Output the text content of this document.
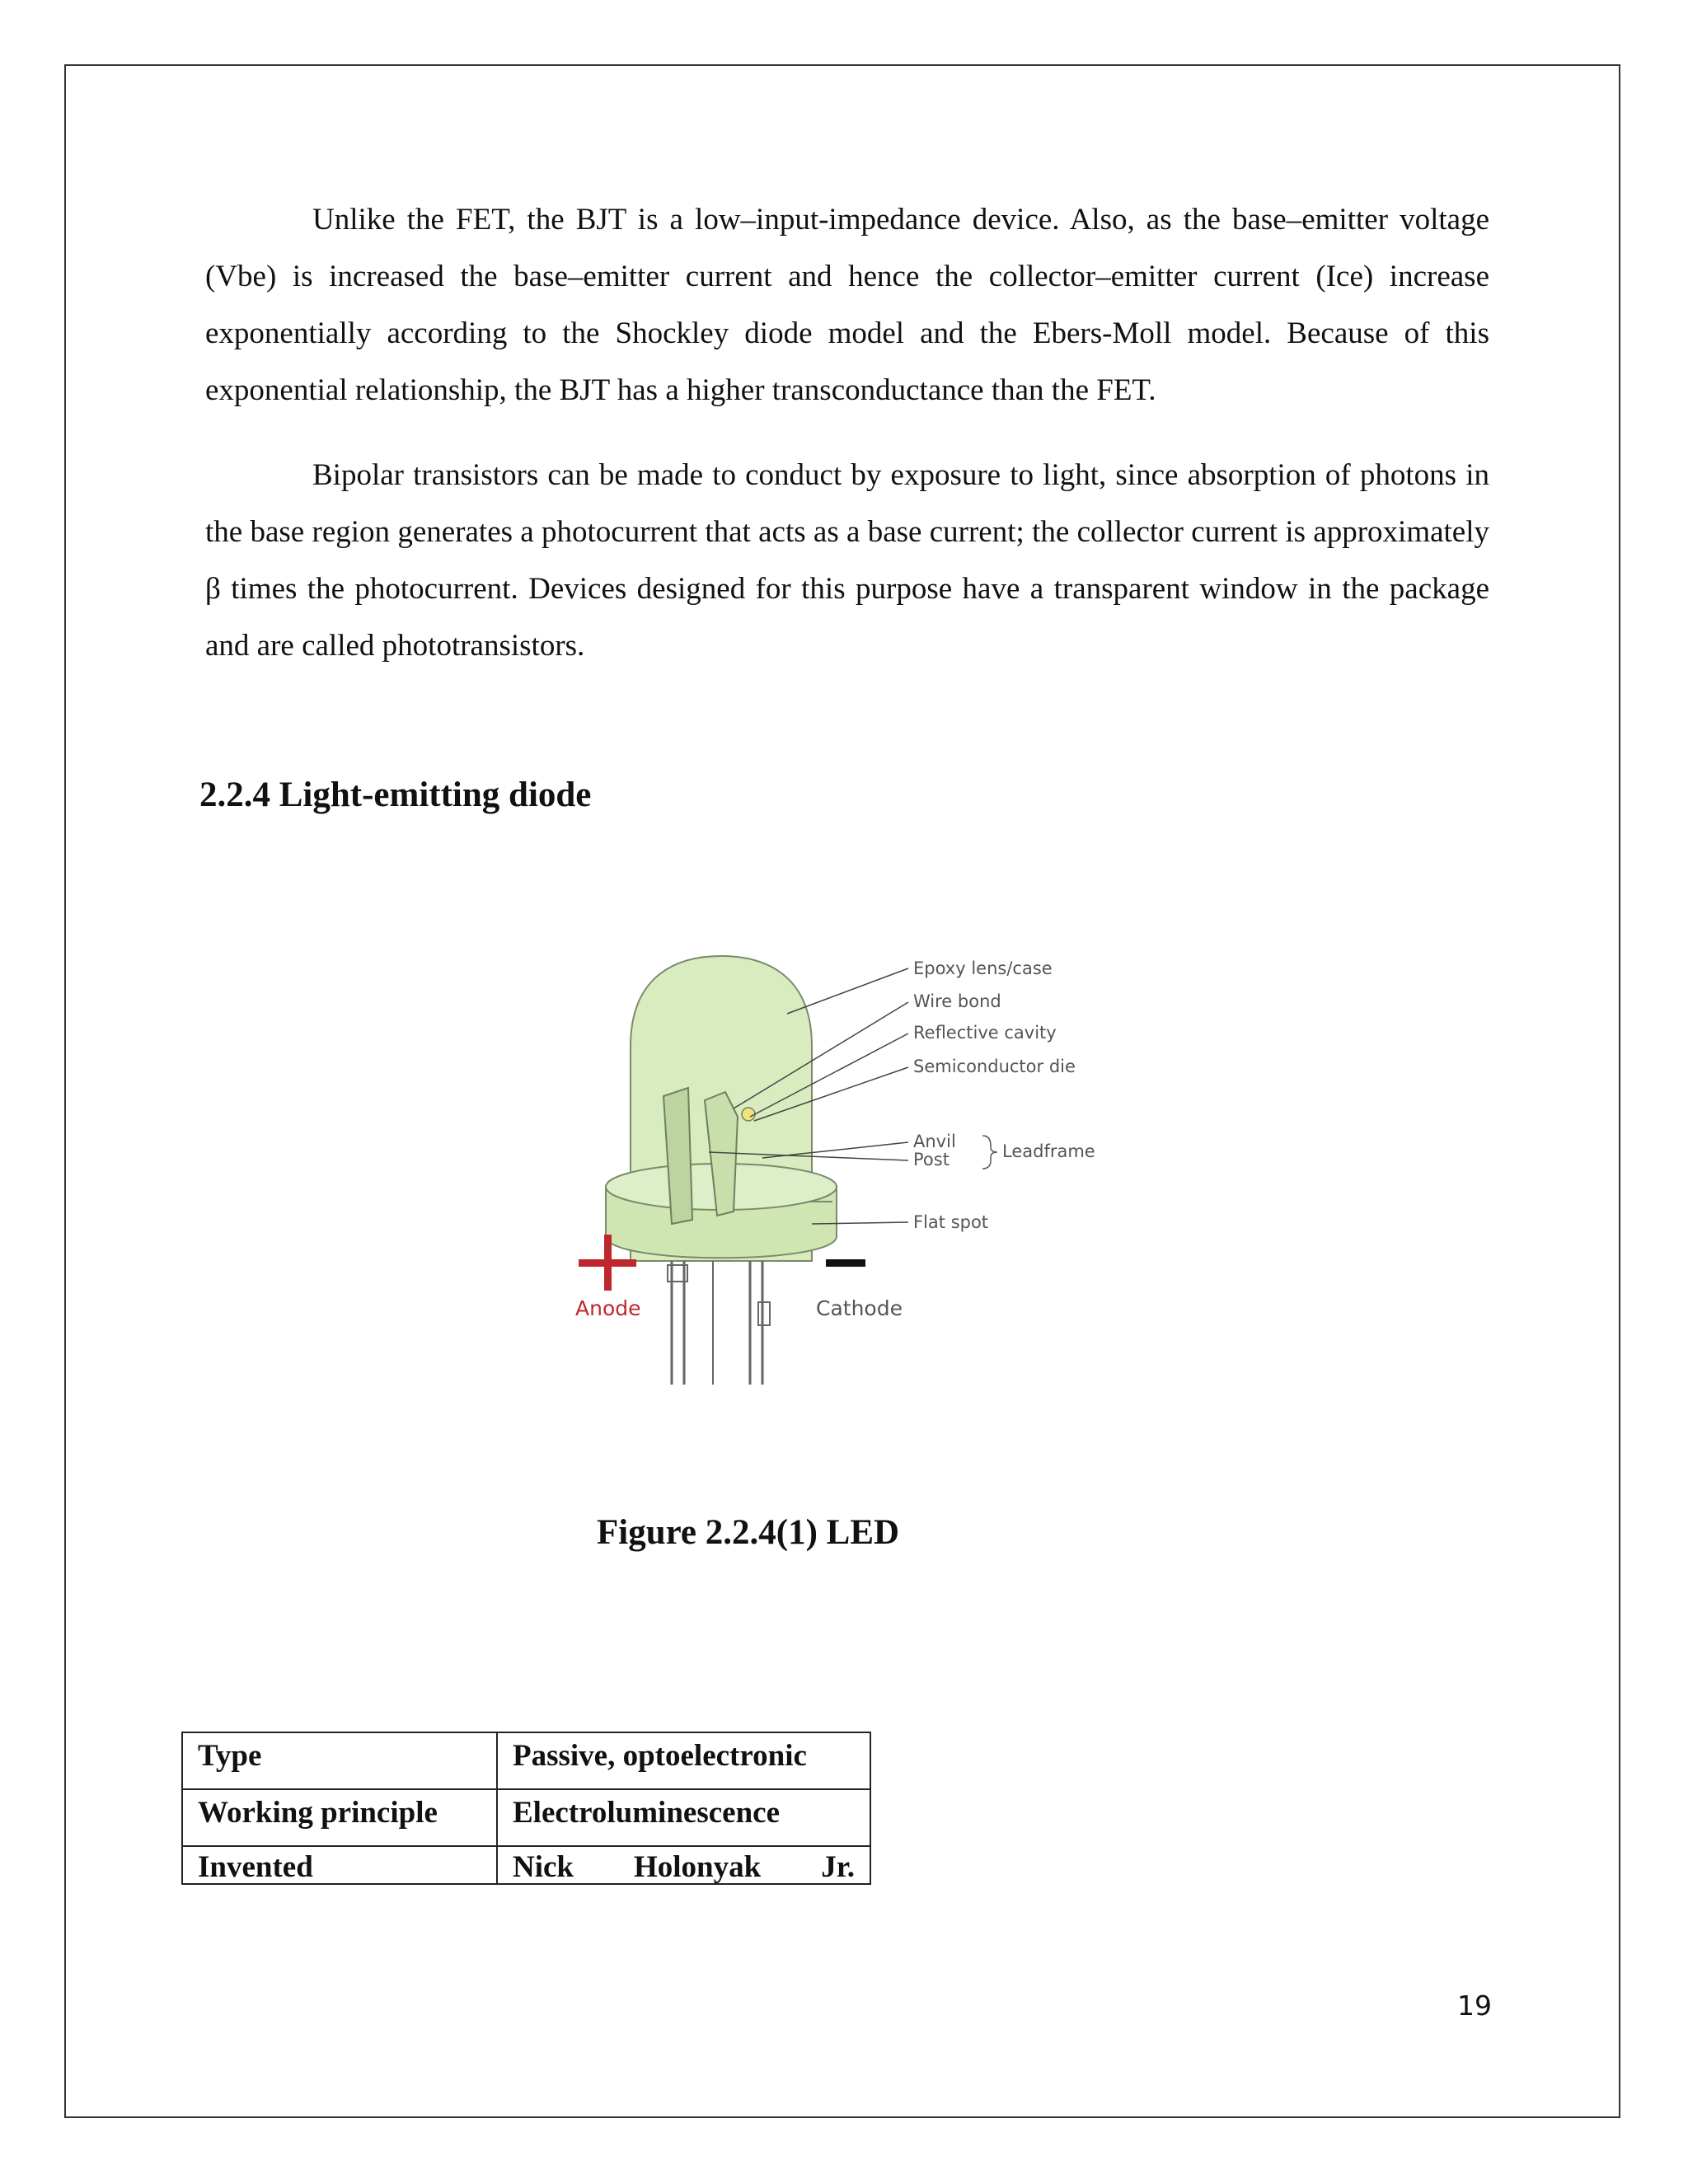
Unlike the FET, the BJT is a low–input-impedance device. Also, as the base–emitter voltage (Vbe) is increased the base–emitter current and hence the collector–emitter current (Ice) increase exponentially according to the Shockley diode model and the Ebers-Moll model. Because of this exponential relationship, the BJT has a higher transconductance than the FET.

Bipolar transistors can be made to conduct by exposure to light, since absorption of photons in the base region generates a photocurrent that acts as a base current; the collector current is approximately β times the photocurrent. Devices designed for this purpose have a transparent window in the package and are called phototransistors.

2.2.4 Light-emitting diode
Epoxy lens/case
Wire bond
Reflective cavity
Semiconductor die
Anvil
Post	Leadframe
Flat spot
Anode	Cathode

Figure 2.2.4(1) LED

Type	Passive, optoelectronic
Working principle	Electroluminescence
Invented	Nick Holonyak Jr.

19
